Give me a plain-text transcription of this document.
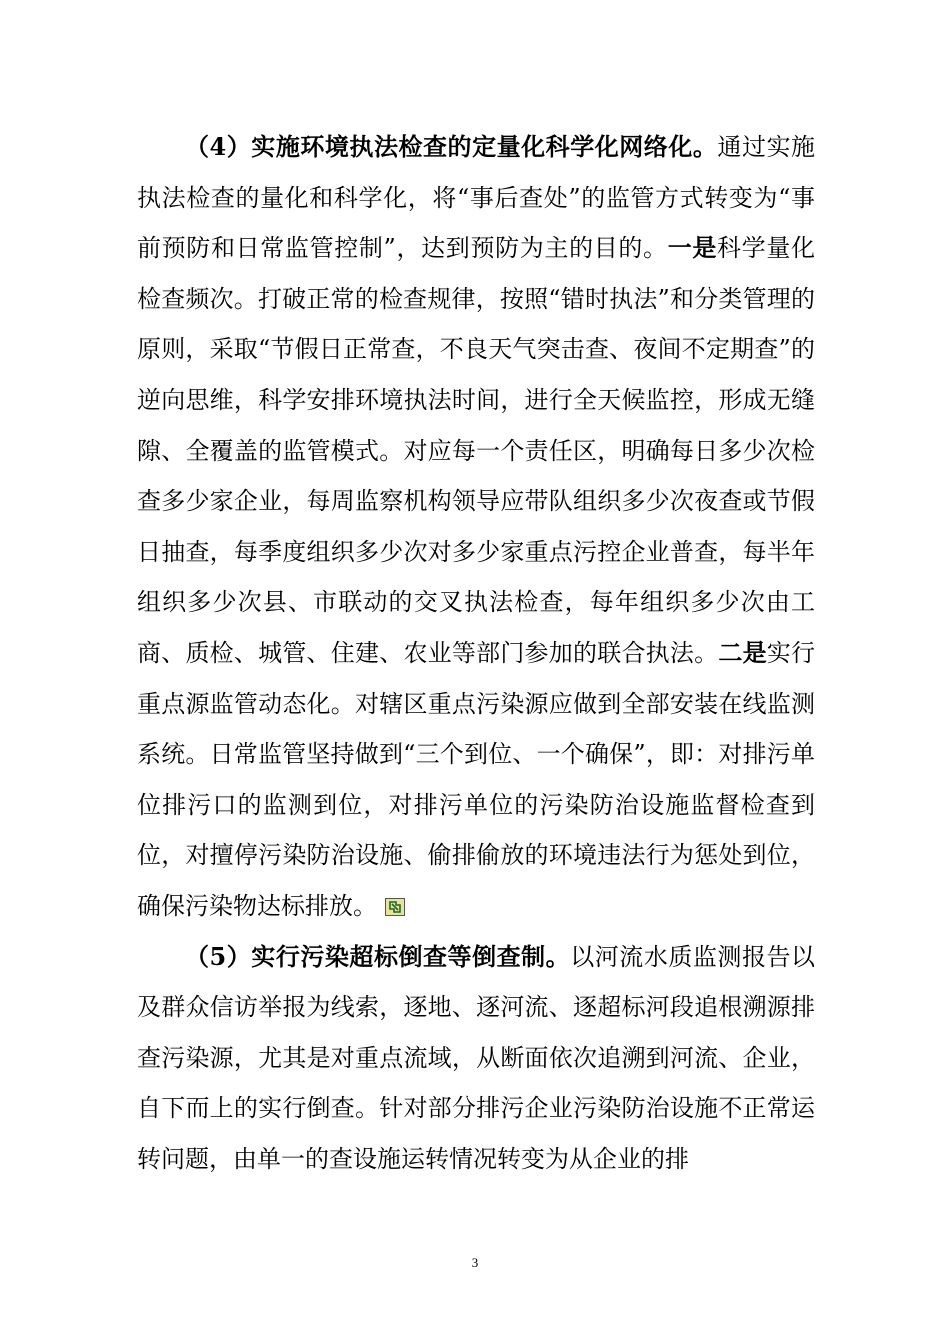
（4）实施环境执法检查的定量化科学化网络化。通过实施执法检查的量化和科学化，将“事后查处”的监管方式转变为“事前预防和日常监管控制”，达到预防为主的目的。一是科学量化检查频次。打破正常的检查规律，按照“错时执法”和分类管理的原则，采取“节假日正常查，不良天气突击查、夜间不定期查”的逆向思维，科学安排环境执法时间，进行全天候监控，形成无缝隙、全覆盖的监管模式。对应每一个责任区，明确每日多少次检查多少家企业，每周监察机构领导应带队组织多少次夜查或节假日抽查，每季度组织多少次对多少家重点污控企业普查，每半年组织多少次县、市联动的交叉执法检查，每年组织多少次由工商、质检、城管、住建、农业等部门参加的联合执法。二是实行重点源监管动态化。对辖区重点污染源应做到全部安装在线监测系统。日常监管坚持做到“三个到位、一个确保”，即：对排污单位排污口的监测到位，对排污单位的污染防治设施监督检查到位，对擅停污染防治设施、偷排偷放的环境违法行为惩处到位，确保污染物达标排放。

（5）实行污染超标倒查等倒查制。以河流水质监测报告以及群众信访举报为线索，逐地、逐河流、逐超标河段追根溯源排查污染源，尤其是对重点流域，从断面依次追溯到河流、企业，自下而上的实行倒查。针对部分排污企业污染防治设施不正常运转问题，由单一的查设施运转情况转变为从企业的排

3
